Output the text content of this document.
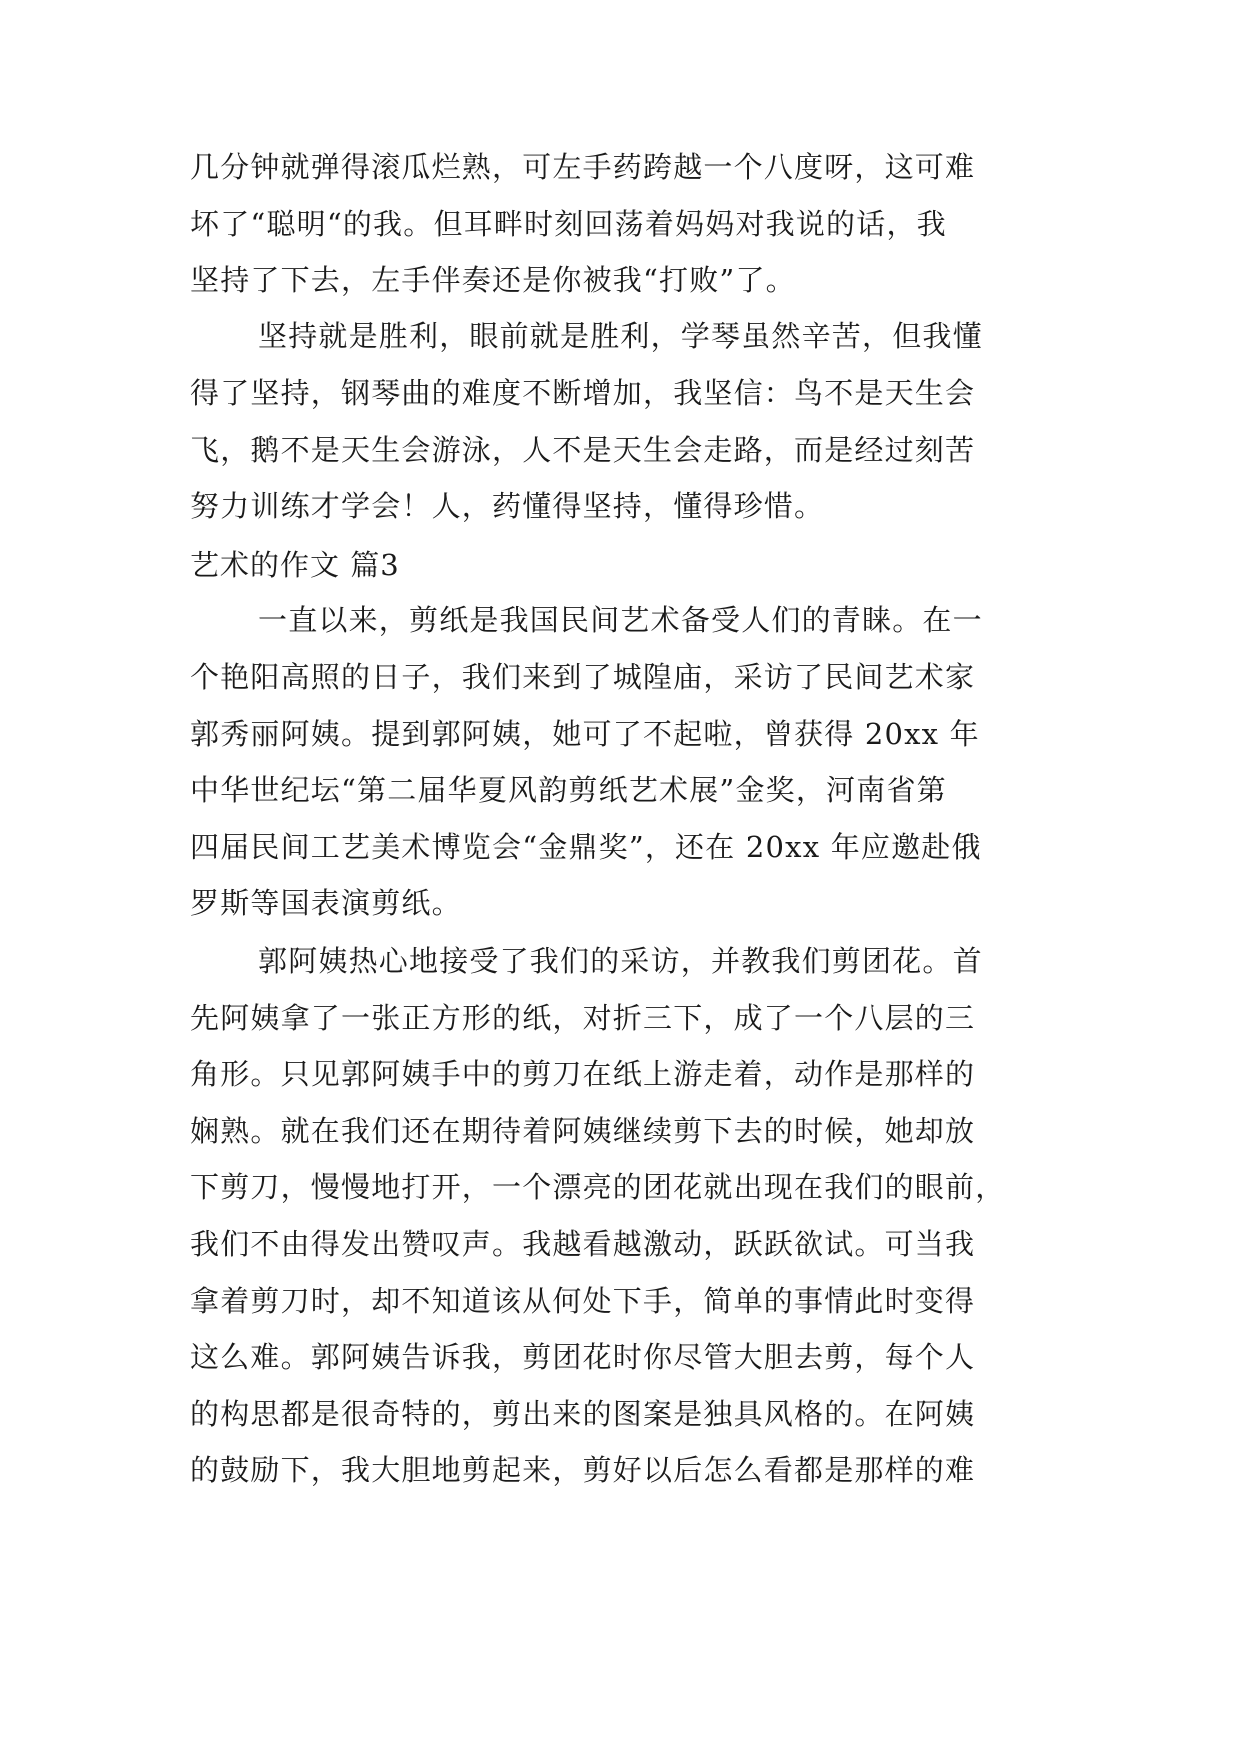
几分钟就弹得滚瓜烂熟，可左手药跨越一个八度呀，这可难
坏了“聪明“的我。但耳畔时刻回荡着妈妈对我说的话，我
坚持了下去，左手伴奏还是你被我“打败”了。
坚持就是胜利，眼前就是胜利，学琴虽然辛苦，但我懂
得了坚持，钢琴曲的难度不断增加，我坚信：鸟不是天生会
飞，鹅不是天生会游泳，人不是天生会走路，而是经过刻苦
努力训练才学会！人，药懂得坚持，懂得珍惜。
艺术的作文 篇3
一直以来，剪纸是我国民间艺术备受人们的青睐。在一
个艳阳高照的日子，我们来到了城隍庙，采访了民间艺术家
郭秀丽阿姨。提到郭阿姨，她可了不起啦，曾获得 20xx 年
中华世纪坛“第二届华夏风韵剪纸艺术展”金奖，河南省第
四届民间工艺美术博览会“金鼎奖”，还在 20xx 年应邀赴俄
罗斯等国表演剪纸。
郭阿姨热心地接受了我们的采访，并教我们剪团花。首
先阿姨拿了一张正方形的纸，对折三下，成了一个八层的三
角形。只见郭阿姨手中的剪刀在纸上游走着，动作是那样的
娴熟。就在我们还在期待着阿姨继续剪下去的时候，她却放
下剪刀，慢慢地打开，一个漂亮的团花就出现在我们的眼前，
我们不由得发出赞叹声。我越看越激动，跃跃欲试。可当我
拿着剪刀时，却不知道该从何处下手，简单的事情此时变得
这么难。郭阿姨告诉我，剪团花时你尽管大胆去剪，每个人
的构思都是很奇特的，剪出来的图案是独具风格的。在阿姨
的鼓励下，我大胆地剪起来，剪好以后怎么看都是那样的难
